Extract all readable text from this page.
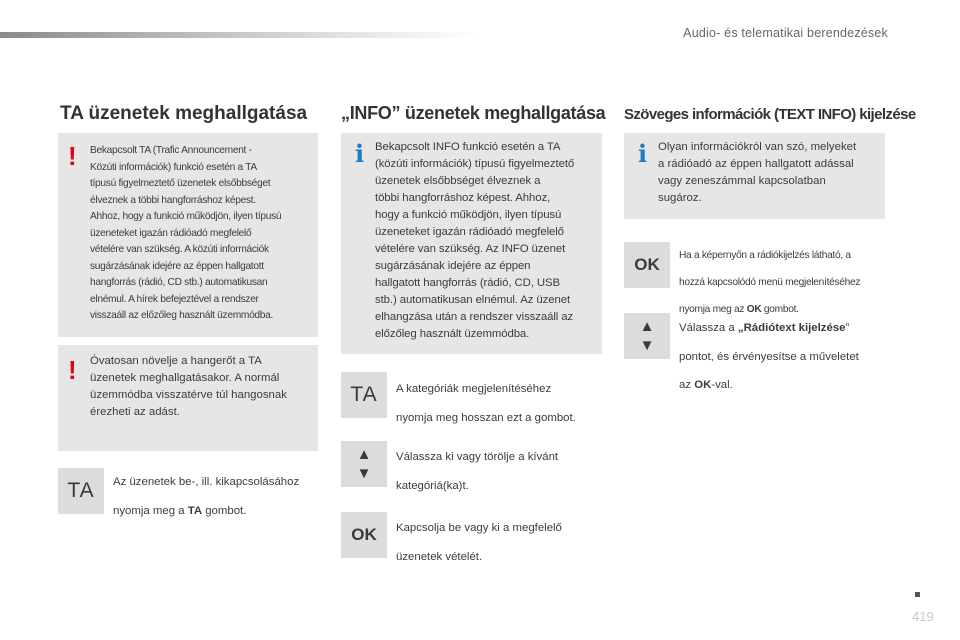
Audio- és telematikai berendezések
TA üzenetek meghallgatása „INFO” üzenetek meghallgatása Szöveges információk (TEXT INFO) kijelzése
! Bekapcsolt TA (Trafic Announcement -

Közúti információk) funkció esetén a TA

típusú figyelmeztető üzenetek elsőbbséget

élveznek a többi hangforráshoz képest.

Ahhoz, hogy a funkció működjön, ilyen típusú

üzeneteket igazán rádióadó megfelelő

vételére van szükség. A közúti információk

sugárzásának idejére az éppen hallgatott

hangforrás (rádió, CD stb.) automatikusan

elnémul. A hírek befejeztével a rendszer

visszaáll az előzőleg használt üzemmódba.

! Óvatosan növelje a hangerőt a TA

üzenetek meghallgatásakor. A normál

üzemmódba visszatérve túl hangosnak

érezheti az adást.

TA	Az üzenetek be-, ill. kikapcsolásához

nyomja meg a TA gombot.

i Bekapcsolt INFO funkció esetén a TA

(közúti információk) típusú figyelmeztető

üzenetek elsőbbséget élveznek a

többi hangforráshoz képest. Ahhoz,

hogy a funkció működjön, ilyen típusú

üzeneteket igazán rádióadó megfelelő

vételére van szükség. Az INFO üzenet

sugárzásának idejére az éppen

hallgatott hangforrás (rádió, CD, USB

stb.) automatikusan elnémul. Az üzenet

elhangzása után a rendszer visszaáll az

előzőleg használt üzemmódba.

TA	A kategóriák megjelenítéséhez

nyomja meg hosszan ezt a gombot.

▲
▼

Válassza ki vagy törölje a kívánt

kategóriá(ka)t.

OK	Kapcsolja be vagy ki a megfelelő

üzenetek vételét.

i Olyan információkról van szó, melyeket

a rádióadó az éppen hallgatott adással

vagy zeneszámmal kapcsolatban

sugároz.

OK	Ha a képernyőn a rádiókijelzés látható, a

hozzá kapcsolódó menü megjelenítéséhez

nyomja meg az OK gombot.

▲
▼

Válassza a „Rádiótext kijelzése”

pontot, és érvényesítse a műveletet

az OK-val.

419
